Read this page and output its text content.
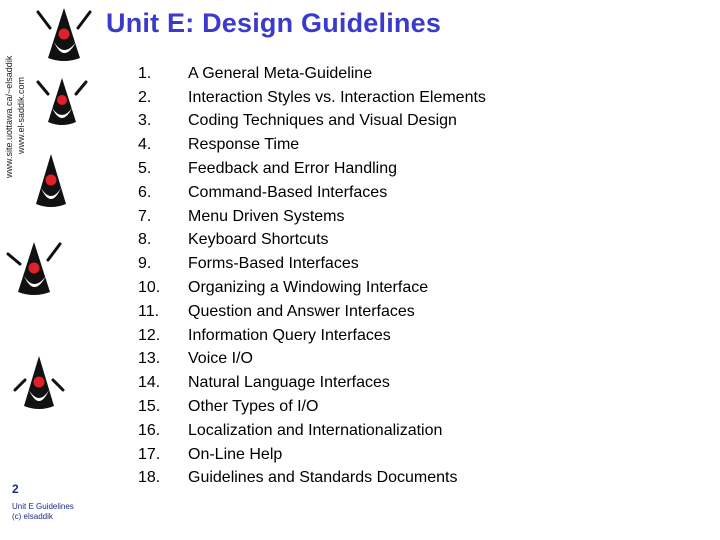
www.site.uottawa.ca/~elsaddik www.el-saddik.com
Unit E: Design Guidelines
1.	A General Meta-Guideline
2.	Interaction Styles vs. Interaction Elements
3.	Coding Techniques and Visual Design
4.	Response Time
5.	Feedback and Error Handling
6.	Command-Based Interfaces
7.	Menu Driven Systems
8.	Keyboard Shortcuts
9.	Forms-Based Interfaces
10.	Organizing a Windowing Interface
11.	Question and Answer Interfaces
12.	Information Query Interfaces
13.	Voice I/O
14.	Natural Language Interfaces
15.	Other Types of I/O
16.	Localization and Internationalization
17.	On-Line Help
18.	Guidelines and Standards Documents
2
Unit E Guidelines
(c) elsaddik
